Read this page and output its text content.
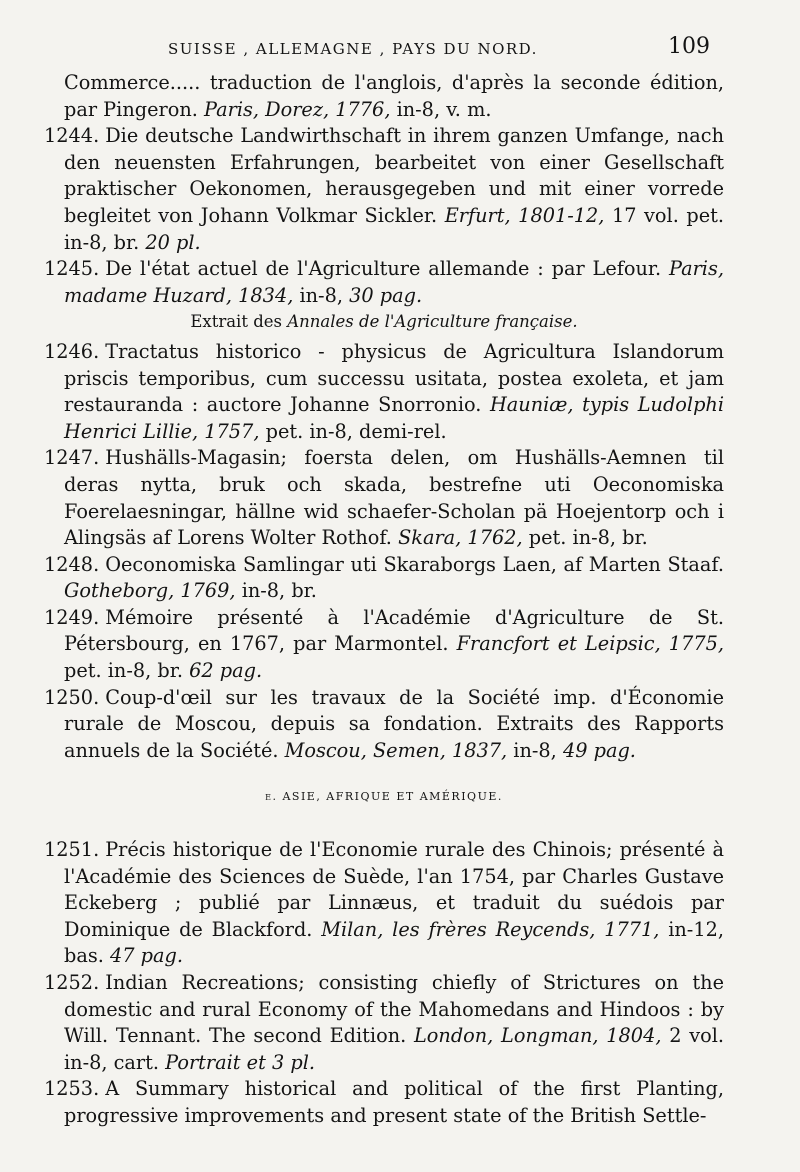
SUISSE , ALLEMAGNE , PAYS DU NORD.	109
Commerce..... traduction de l'anglois, d'après la seconde édition, par Pingeron. Paris, Dorez, 1776, in-8, v. m.
1244. Die deutsche Landwirthschaft in ihrem ganzen Umfange, nach den neuensten Erfahrungen, bearbeitet von einer Gesellschaft praktischer Oekonomen, herausgegeben und mit einer vorrede begleitet von Johann Volkmar Sickler. Erfurt, 1801-12, 17 vol. pet. in-8, br. 20 pl.
1245. De l'état actuel de l'Agriculture allemande : par Lefour. Paris, madame Huzard, 1834, in-8, 30 pag.
Extrait des Annales de l'Agriculture française.
1246. Tractatus historico - physicus de Agricultura Islandorum priscis temporibus, cum successu usitata, postea exoleta, et jam restauranda : auctore Johanne Snorronio. Hauniæ, typis Ludolphi Henrici Lillie, 1757, pet. in-8, demi-rel.
1247. Hushälls-Magasin; foersta delen, om Hushälls-Aemnen til deras nytta, bruk och skada, bestrefne uti Oeconomiska Foerelaesningar, hällne wid schaefer-Scholan pä Hoejentorp och i Alingsäs af Lorens Wolter Rothof. Skara, 1762, pet. in-8, br.
1248. Oeconomiska Samlingar uti Skaraborgs Laen, af Marten Staaf. Gotheborg, 1769, in-8, br.
1249. Mémoire présenté à l'Académie d'Agriculture de St. Pétersbourg, en 1767, par Marmontel. Francfort et Leipsic, 1775, pet. in-8, br. 62 pag.
1250. Coup-d'œil sur les travaux de la Société imp. d'Économie rurale de Moscou, depuis sa fondation. Extraits des Rapports annuels de la Société. Moscou, Semen, 1837, in-8, 49 pag.
e. ASIE, AFRIQUE ET AMÉRIQUE.
1251. Précis historique de l'Economie rurale des Chinois; présenté à l'Académie des Sciences de Suède, l'an 1754, par Charles Gustave Eckeberg ; publié par Linnæus, et traduit du suédois par Dominique de Blackford. Milan, les frères Reycends, 1771, in-12, bas. 47 pag.
1252. Indian Recreations; consisting chiefly of Strictures on the domestic and rural Economy of the Mahomedans and Hindoos : by Will. Tennant. The second Edition. London, Longman, 1804, 2 vol. in-8, cart. Portrait et 3 pl.
1253. A Summary historical and political of the first Planting, progressive improvements and present state of the British Settle-
